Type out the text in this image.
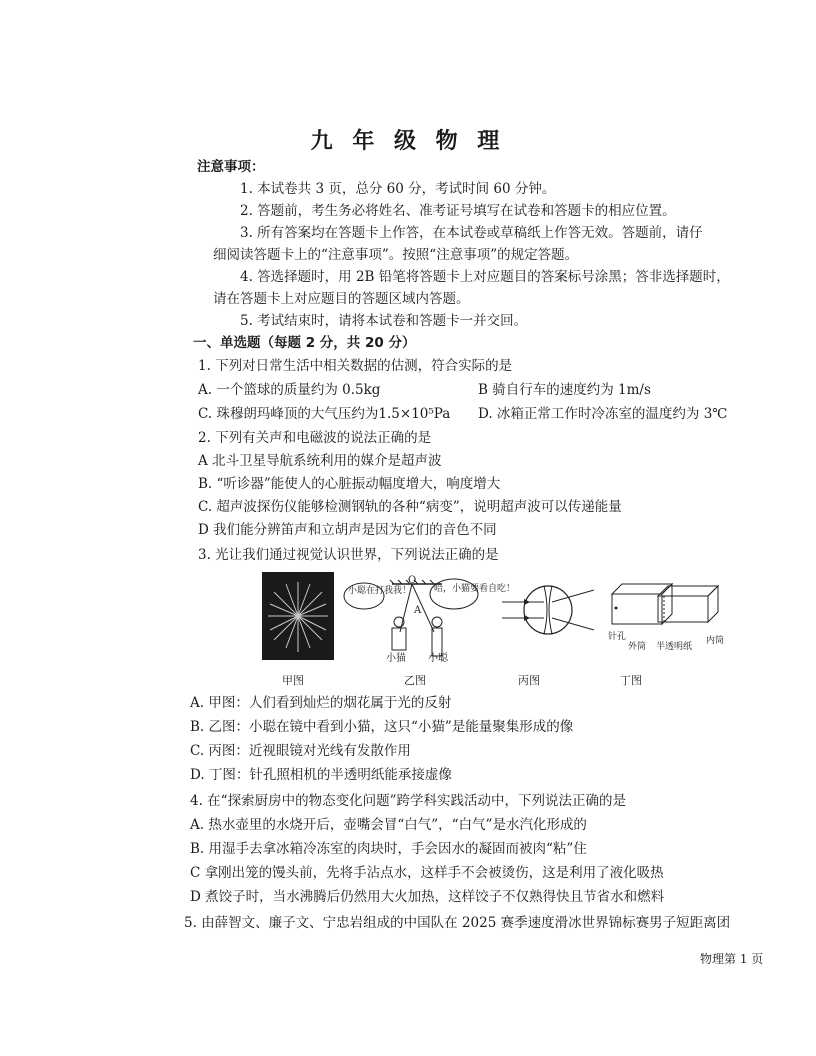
九 年 级 物 理
注意事项：
1. 本试卷共 3 页，总分 60 分，考试时间 60 分钟。
2. 答题前，考生务必将姓名、准考证号填写在试卷和答题卡的相应位置。
3. 所有答案均在答题卡上作答，在本试卷或草稿纸上作答无效。答题前，请仔
细阅读答题卡上的“注意事项”。按照“注意事项”的规定答题。
4. 答选择题时，用 2B 铅笔将答题卡上对应题目的答案标号涂黑；答非选择题时，
请在答题卡上对应题目的答题区域内答题。
5. 考试结束时，请将本试卷和答题卡一并交回。
一、单选题（每题 2 分，共 20 分）
1. 下列对日常生活中相关数据的估测，符合实际的是
A. 一个篮球的质量约为 0.5kg	B 骑自行车的速度约为 1m/s
C. 珠穆朗玛峰顶的大气压约为1.5×10⁵Pa D. 冰箱正常工作时冷冻室的温度约为 3℃
2. 下列有关声和电磁波的说法正确的是
A 北斗卫星导航系统利用的媒介是超声波
B. “听诊器”能使人的心脏振动幅度增大，响度增大
C. 超声波探伤仪能够检测钢轨的各种“病变”，说明超声波可以传递能量
D 我们能分辨笛声和立胡声是因为它们的音色不同
3. 光让我们通过视觉认识世界，下列说法正确的是
小聪在打我我！	哈，小猫要看自吃！
O
A
小猫 小聪
针孔
外筒 半透明纸
内筒
甲图	乙图	丙图	丁图
A. 甲图：人们看到灿烂的烟花属于光的反射
B. 乙图：小聪在镜中看到小猫，这只“小猫”是能量聚集形成的像
C. 丙图：近视眼镜对光线有发散作用
D. 丁图：针孔照相机的半透明纸能承接虚像
4. 在“探索厨房中的物态变化问题”跨学科实践活动中，下列说法正确的是
A. 热水壶里的水烧开后，壶嘴会冒“白气”，“白气”是水汽化形成的
B. 用湿手去拿冰箱冷冻室的肉块时，手会因水的凝固而被肉“粘”住
C 拿刚出笼的馒头前，先将手沾点水，这样手不会被烫伤，这是利用了液化吸热
D 煮饺子时，当水沸腾后仍然用大火加热，这样饺子不仅熟得快且节省水和燃料
5. 由薛智文、廉子文、宁忠岩组成的中国队在 2025 赛季速度滑冰世界锦标赛男子短距离团
物理第 1 页
